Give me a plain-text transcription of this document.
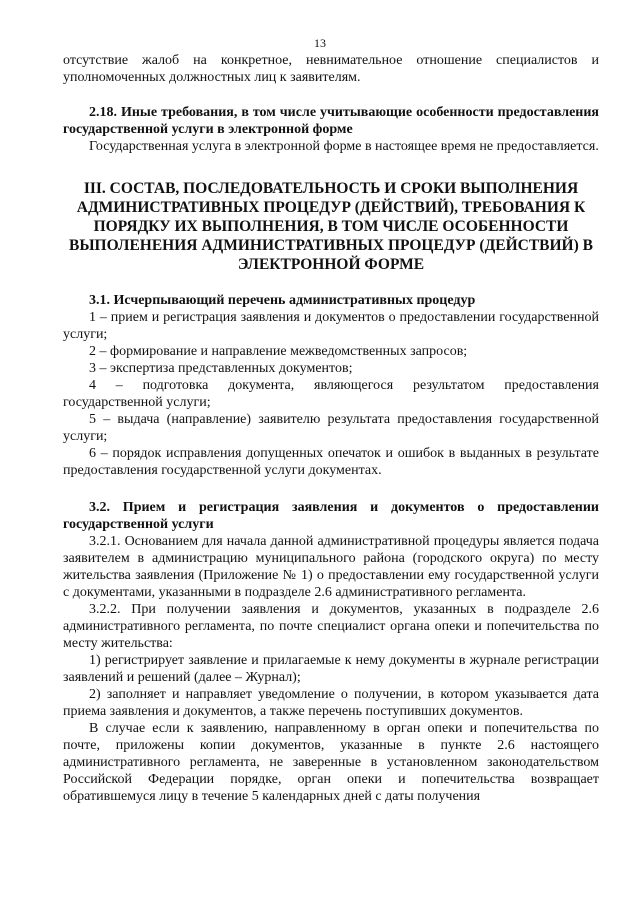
13

отсутствие жалоб на конкретное, невнимательное отношение специалистов и уполномоченных должностных лиц к заявителям.

2.18. Иные требования, в том числе учитывающие особенности предоставления государственной услуги в электронной форме

Государственная услуга в электронной форме в настоящее время не предоставляется.

III. СОСТАВ, ПОСЛЕДОВАТЕЛЬНОСТЬ И СРОКИ ВЫПОЛНЕНИЯ АДМИНИСТРАТИВНЫХ ПРОЦЕДУР (ДЕЙСТВИЙ), ТРЕБОВАНИЯ К ПОРЯДКУ ИХ ВЫПОЛНЕНИЯ, В ТОМ ЧИСЛЕ ОСОБЕННОСТИ ВЫПОЛЕНЕНИЯ АДМИНИСТРАТИВНЫХ ПРОЦЕДУР (ДЕЙСТВИЙ) В ЭЛЕКТРОННОЙ ФОРМЕ

3.1. Исчерпывающий перечень административных процедур

1 – прием и регистрация заявления и документов о предоставлении государственной услуги;

2 – формирование и направление межведомственных запросов;

3 – экспертиза представленных документов;

4 – подготовка документа, являющегося результатом предоставления государственной услуги;

5 – выдача (направление) заявителю результата предоставления государственной услуги;

6 – порядок исправления допущенных опечаток и ошибок в выданных в результате предоставления государственной услуги документах.

3.2. Прием и регистрация заявления и документов о предоставлении государственной услуги

3.2.1. Основанием для начала данной административной процедуры является подача заявителем в администрацию муниципального района (городского округа) по месту жительства заявления (Приложение № 1) о предоставлении ему государственной услуги с документами, указанными в подразделе 2.6 административного регламента.

3.2.2. При получении заявления и документов, указанных в подразделе 2.6 административного регламента, по почте специалист органа опеки и попечительства по месту жительства:

1) регистрирует заявление и прилагаемые к нему документы в журнале регистрации заявлений и решений (далее – Журнал);

2) заполняет и направляет уведомление о получении, в котором указывается дата приема заявления и документов, а также перечень поступивших документов.

В случае если к заявлению, направленному в орган опеки и попечительства по почте, приложены копии документов, указанные в пункте 2.6 настоящего административного регламента, не заверенные в установленном законодательством Российской Федерации порядке, орган опеки и попечительства возвращает обратившемуся лицу в течение 5 календарных дней с даты получения
